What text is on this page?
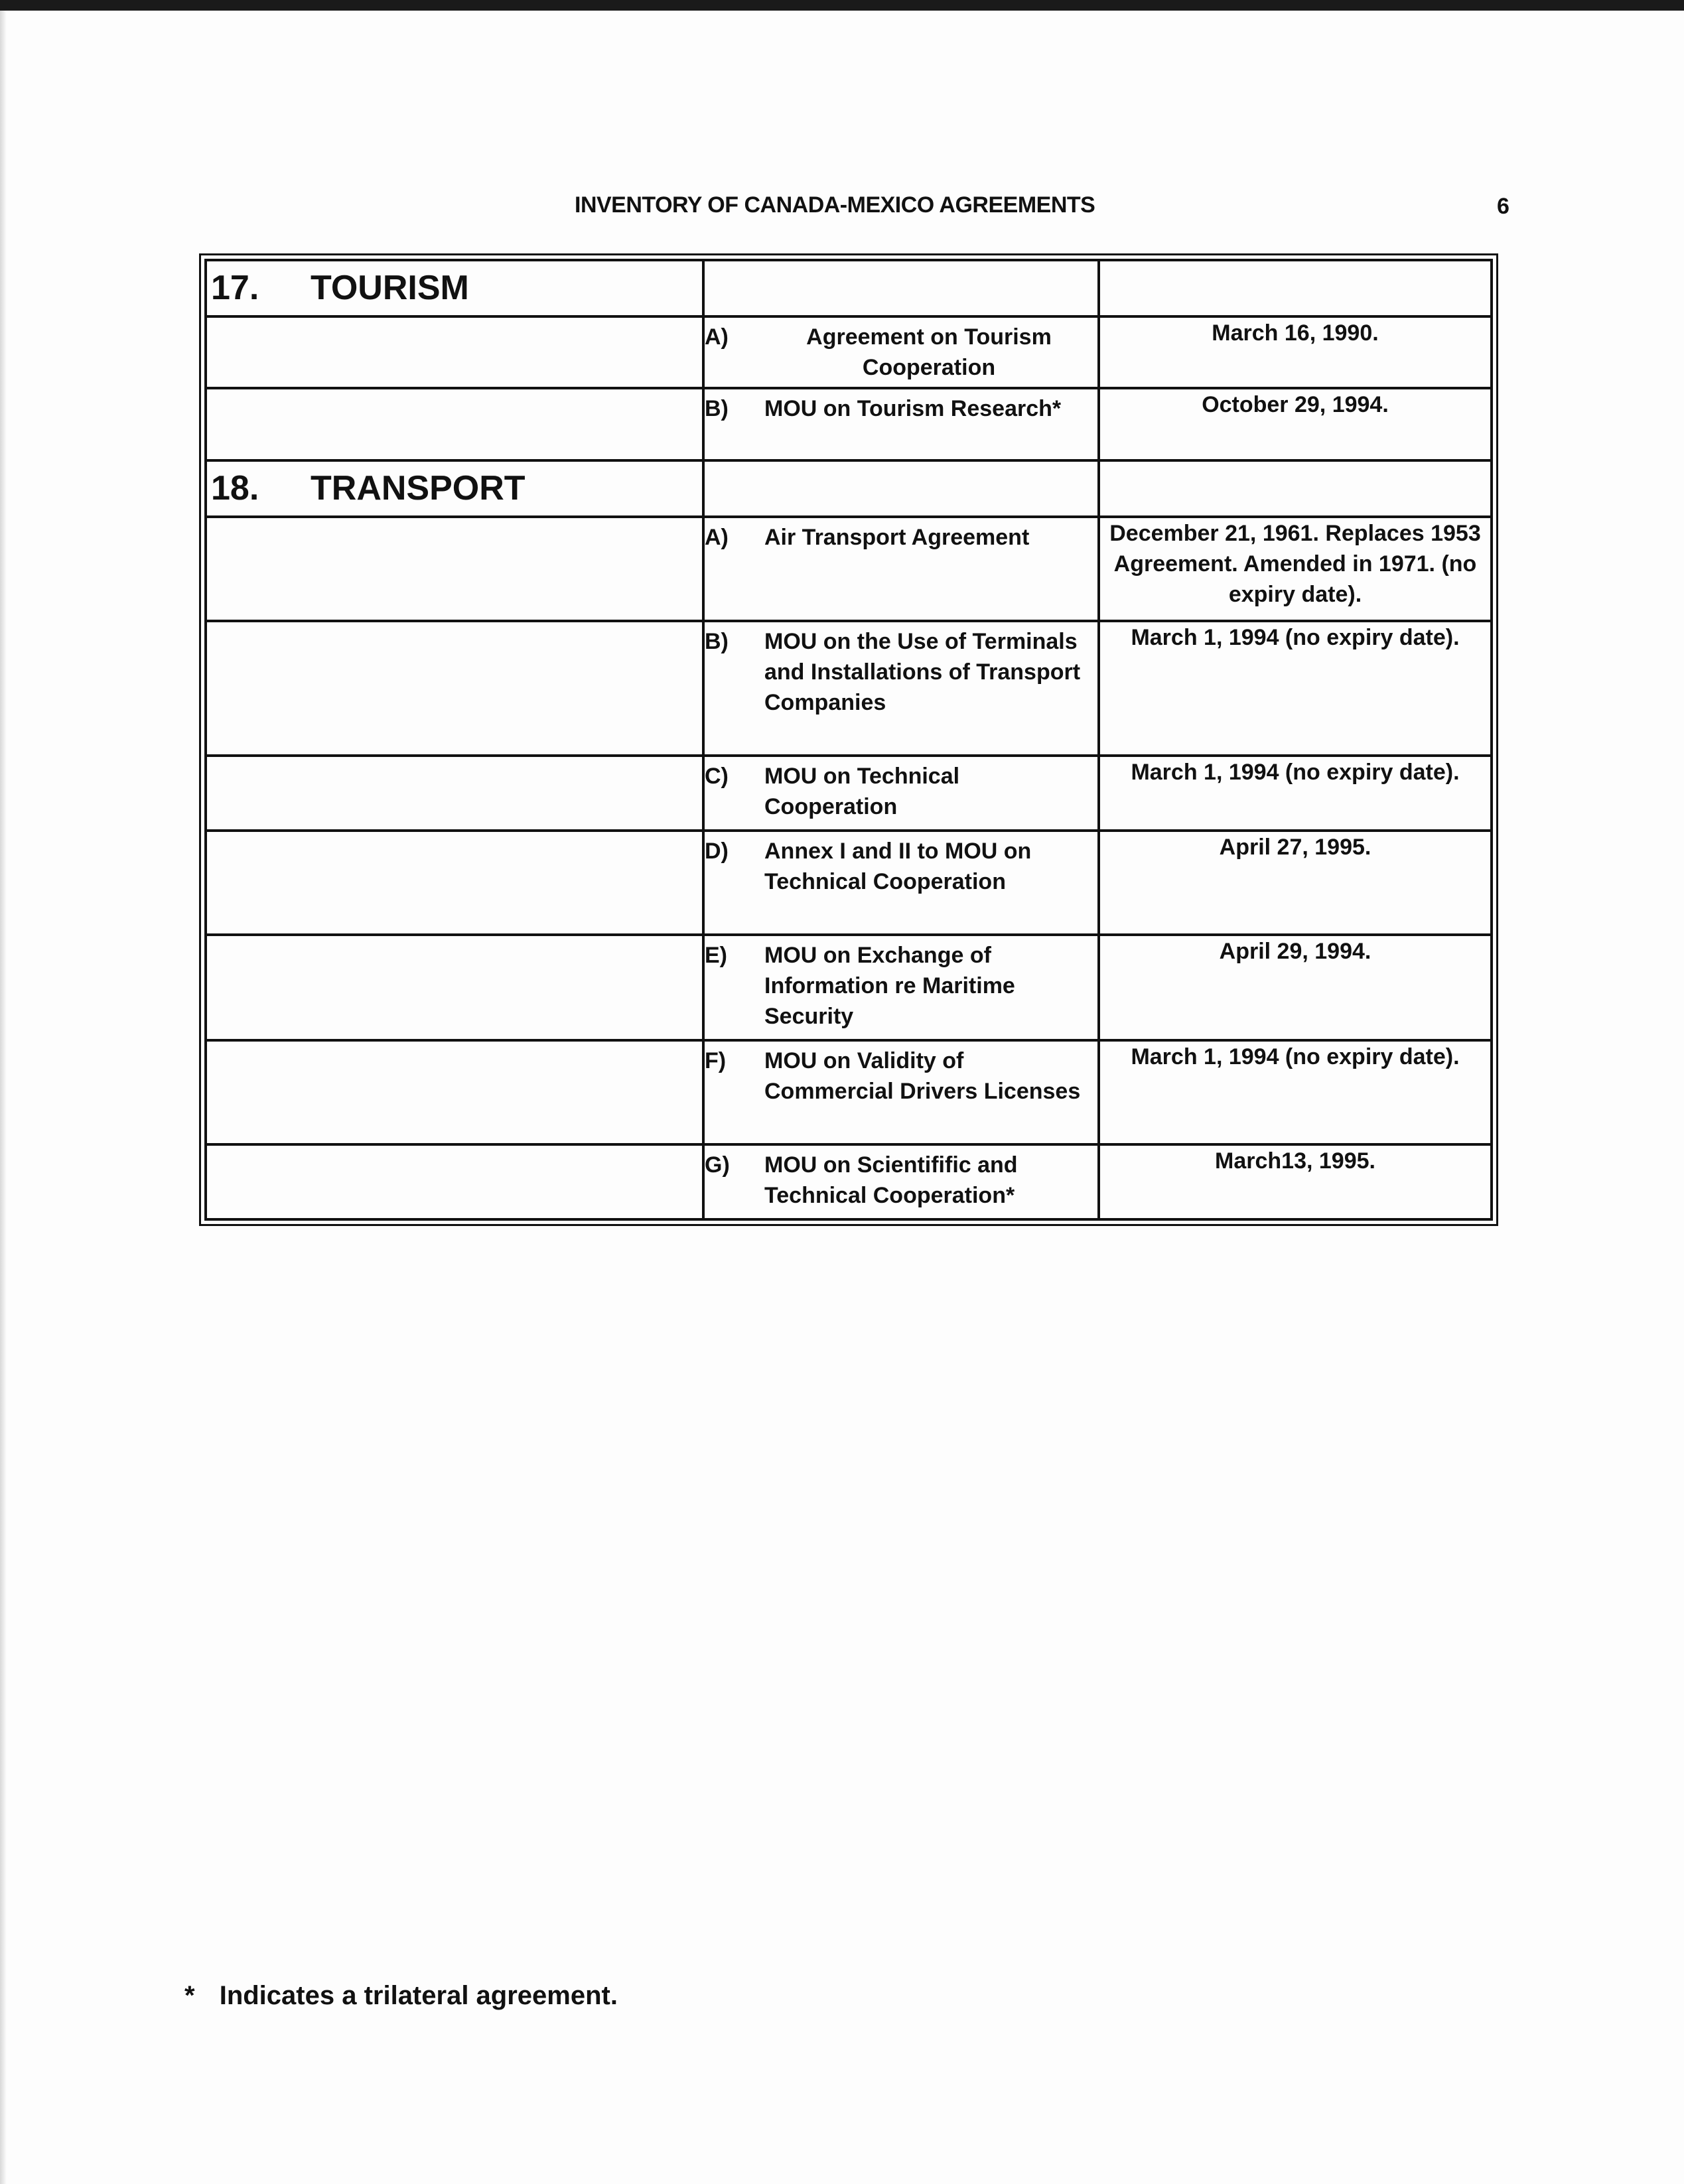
INVENTORY OF CANADA-MEXICO AGREEMENTS	6
17. TOURISM		

	A) Agreement on Tourism Cooperation	March 16, 1990.

	B) MOU on Tourism Research*	October 29, 1994.

18. TRANSPORT		

	A) Air Transport Agreement	December 21, 1961. Replaces 1953 Agreement. Amended in 1971. (no expiry date).

	B) MOU on the Use of Terminals and Installations of Transport Companies	March 1, 1994 (no expiry date).

	C) MOU on Technical Cooperation	March 1, 1994 (no expiry date).

	D) Annex I and II to MOU on Technical Cooperation	April 27, 1995.

	E) MOU on Exchange of Information re Maritime Security	April 29, 1994.

	F) MOU on Validity of Commercial Drivers Licenses	March 1, 1994 (no expiry date).

	G) MOU on Scientifific and Technical Cooperation*	March13, 1995.
* Indicates a trilateral agreement.
